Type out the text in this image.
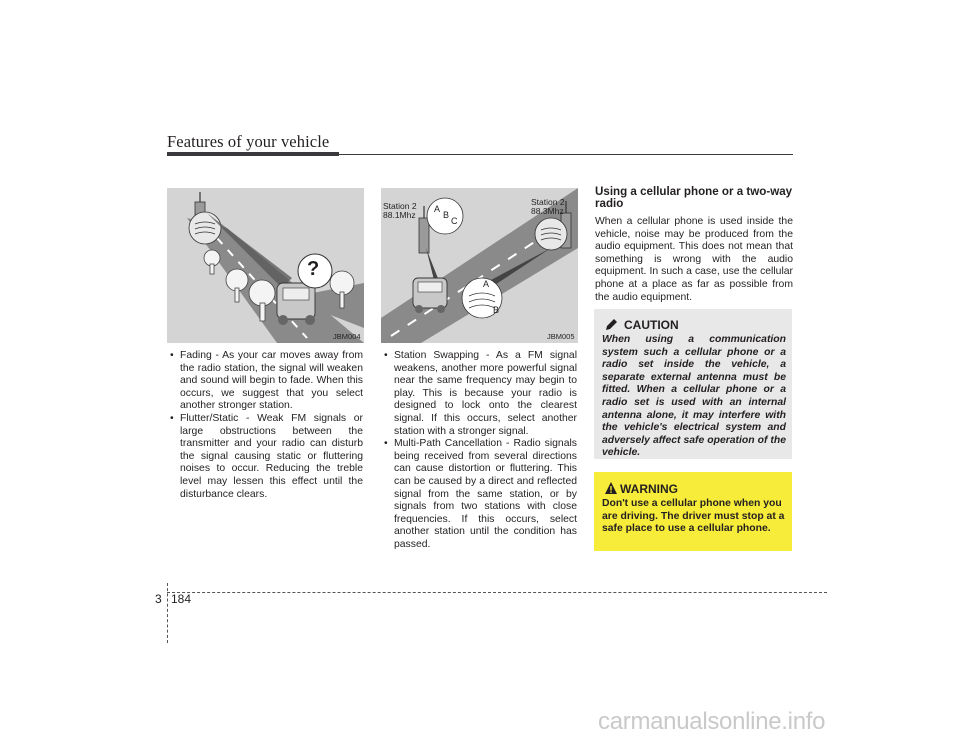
Features of your vehicle
?
JBM004
Station 2
88.1Mhz
Station 2
88.3Mhz
A
B
C
A
B
JBM005
• Fading - As your car moves away from the radio station, the signal will weaken and sound will begin to fade. When this occurs, we suggest that you select another stronger station.
• Flutter/Static - Weak FM signals or large obstructions between the transmitter and your radio can disturb the signal causing static or fluttering noises to occur. Reducing the treble level may lessen this effect until the disturbance clears.
• Station Swapping - As a FM signal weakens, another more powerful signal near the same frequency may begin to play. This is because your radio is designed to lock onto the clearest signal. If this occurs, select another station with a stronger signal.
• Multi-Path Cancellation - Radio signals being received from several directions can cause distortion or fluttering. This can be caused by a direct and reflected signal from the same station, or by signals from two stations with close frequencies. If this occurs, select another station until the condition has passed.
Using a cellular phone or a two-way radio
When a cellular phone is used inside the vehicle, noise may be produced from the audio equipment. This does not mean that something is wrong with the audio equipment. In such a case, use the cellular phone at a place as far as possible from the audio equipment.
CAUTION
When using a communication system such a cellular phone or a radio set inside the vehicle, a separate external antenna must be fitted. When a cellular phone or a radio set is used with an internal antenna alone, it may interfere with the vehicle's electrical system and adversely affect safe operation of the vehicle.
WARNING
Don't use a cellular phone when you are driving. The driver must stop at a safe place to use a cellular phone.
3 184
carmanualsonline.info
